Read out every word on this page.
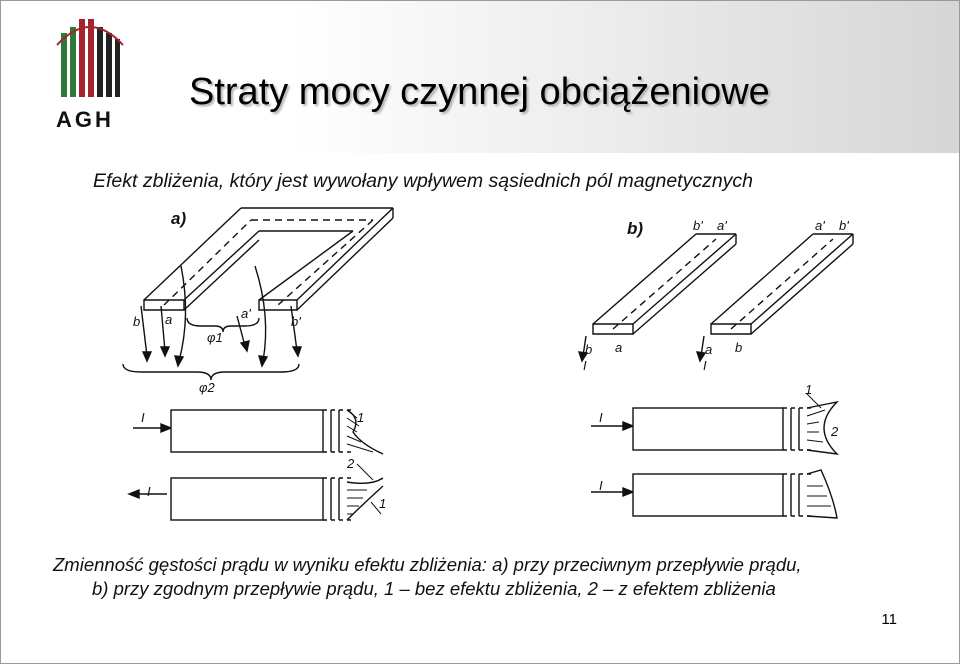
AGH
Straty mocy czynnej obciążeniowe
Efekt zbliżenia, który jest wywołany wpływem sąsiednich pól magnetycznych
a)
b)
b a	a'
b'
φ1
φ2
b' a'	a' b'
b a
I
a b
I
I
I
I
I
1
2
1
1
2
Zmienność gęstości prądu w wyniku efektu zbliżenia: a) przy przeciwnym przepływie prądu,
b) przy zgodnym przepływie prądu, 1 – bez efektu zbliżenia, 2 – z efektem zbliżenia
11
